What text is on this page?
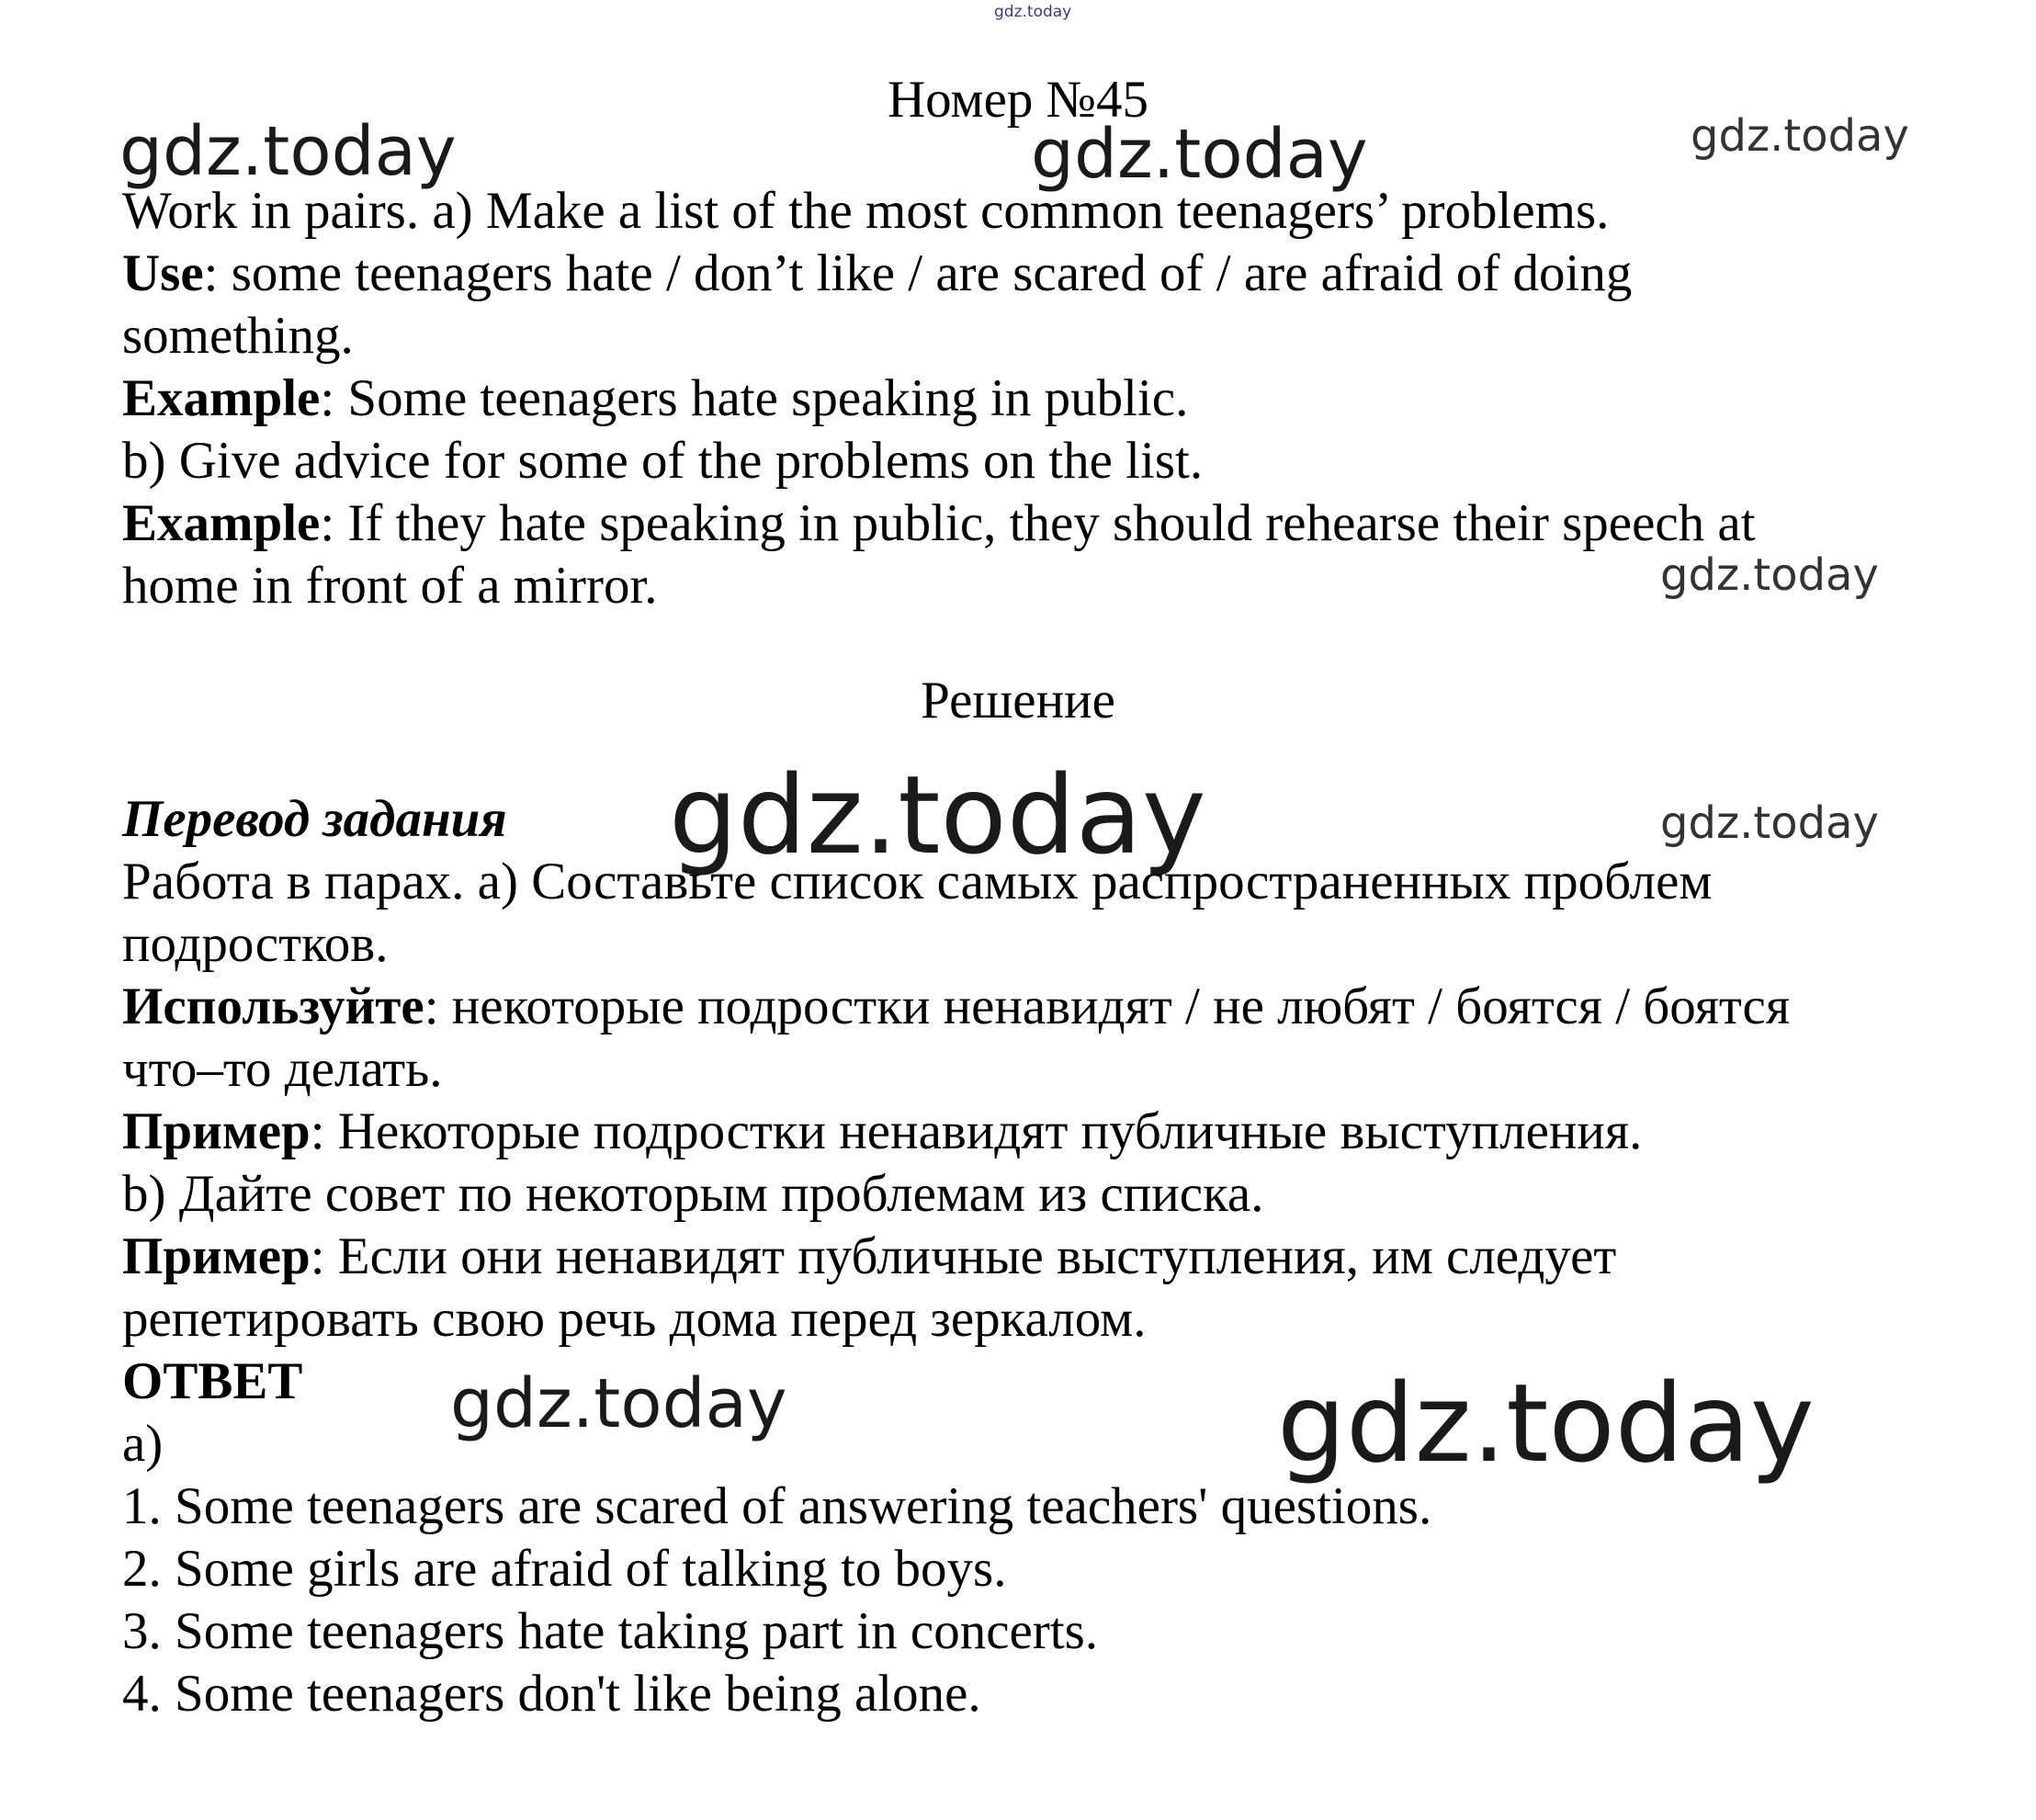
gdz.today
gdz.today	gdz.today	gdz.today
gdz.today
gdz.today	gdz.today
gdz.today	gdz.today
Номер №45
Work in pairs. a) Make a list of the most common teenagers’ problems.
Use: some teenagers hate / don’t like / are scared of / are afraid of doing
something.
Example: Some teenagers hate speaking in public.
b) Give advice for some of the problems on the list.
Example: If they hate speaking in public, they should rehearse their speech at
home in front of a mirror.
Решение
Перевод задания
Работа в парах. а) Составьте список самых распространенных проблем
подростков.
Используйте: некоторые подростки ненавидят / не любят / боятся / боятся
что–то делать.
Пример: Некоторые подростки ненавидят публичные выступления.
b) Дайте совет по некоторым проблемам из списка.
Пример: Если они ненавидят публичные выступления, им следует
репетировать свою речь дома перед зеркалом.
ОТВЕТ
a)
1. Some teenagers are scared of answering teachers' questions.
2. Some girls are afraid of talking to boys.
3. Some teenagers hate taking part in concerts.
4. Some teenagers don't like being alone.
